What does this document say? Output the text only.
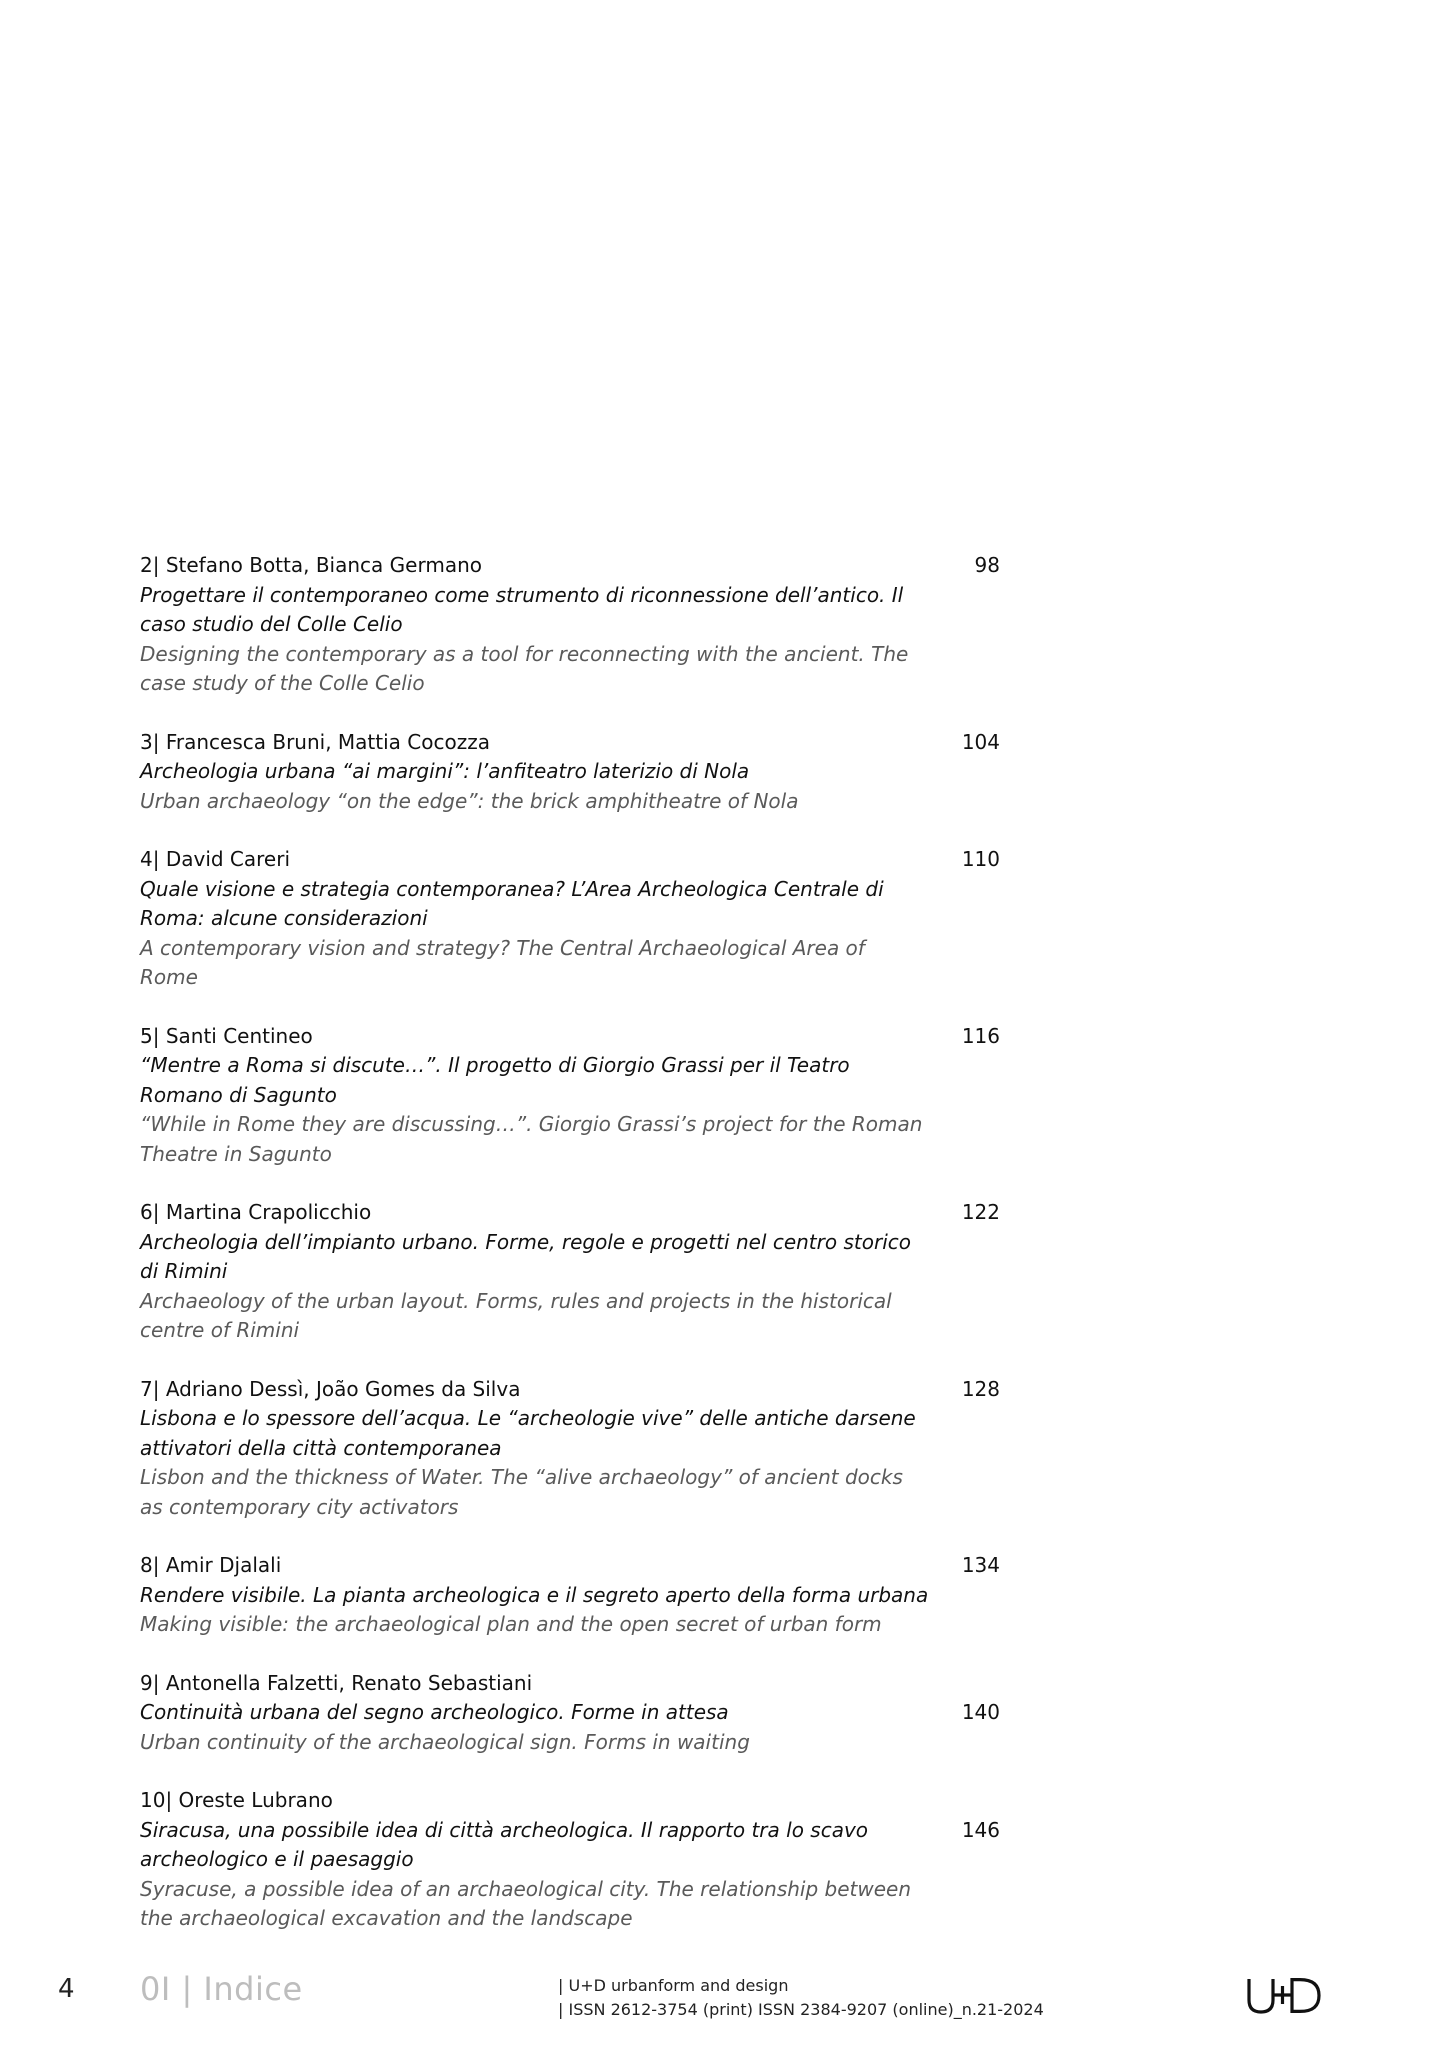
2| Stefano Botta, Bianca Germano
Progettare il contemporaneo come strumento di riconnessione dell’antico. Il
caso studio del Colle Celio
Designing the contemporary as a tool for reconnecting with the ancient. The
case study of the Colle Celio
98
3| Francesca Bruni, Mattia Cocozza
Archeologia urbana “ai margini”: l’anfiteatro laterizio di Nola
Urban archaeology “on the edge”: the brick amphitheatre of Nola
104
4| David Careri
Quale visione e strategia contemporanea? L’Area Archeologica Centrale di
Roma: alcune considerazioni
A contemporary vision and strategy? The Central Archaeological Area of
Rome
110
5| Santi Centineo
“Mentre a Roma si discute…”. Il progetto di Giorgio Grassi per il Teatro
Romano di Sagunto
“While in Rome they are discussing…”. Giorgio Grassi’s project for the Roman
Theatre in Sagunto
116
6| Martina Crapolicchio
Archeologia dell’impianto urbano. Forme, regole e progetti nel centro storico
di Rimini
Archaeology of the urban layout. Forms, rules and projects in the historical
centre of Rimini
122
7| Adriano Dessì, João Gomes da Silva
Lisbona e lo spessore dell’acqua. Le “archeologie vive” delle antiche darsene
attivatori della città contemporanea
Lisbon and the thickness of Water. The “alive archaeology” of ancient docks
as contemporary city activators
128
8| Amir Djalali
Rendere visibile. La pianta archeologica e il segreto aperto della forma urbana
Making visible: the archaeological plan and the open secret of urban form
134
9| Antonella Falzetti, Renato Sebastiani
Continuità urbana del segno archeologico. Forme in attesa
Urban continuity of the archaeological sign. Forms in waiting
140
10| Oreste Lubrano
Siracusa, una possibile idea di città archeologica. Il rapporto tra lo scavo
archeologico e il paesaggio
Syracuse, a possible idea of an archaeological city. The relationship between
the archaeological excavation and the landscape
146
4 0I | Indice	| U+D urbanform and design
| ISSN 2612-3754 (print) ISSN 2384-9207 (online)_n.21-2024
